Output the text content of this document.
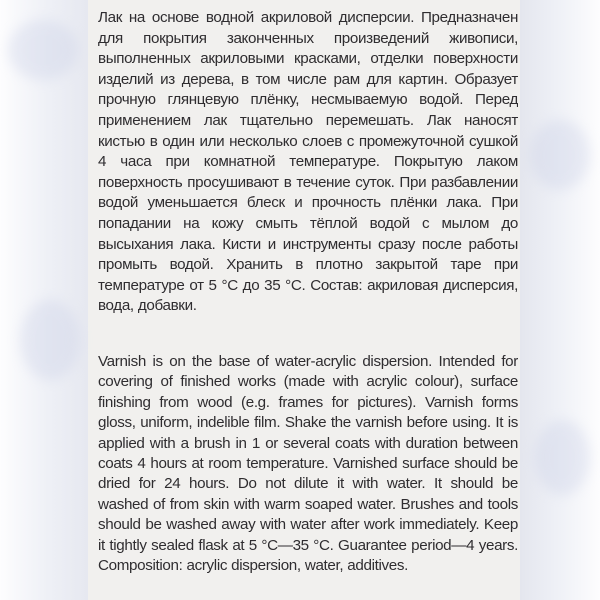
Лак на основе водной акриловой дисперсии. Предназначен
для покрытия законченных произведений живописи,
выполненных акриловыми красками, отделки поверхности
изделий из дерева, в том числе рам для картин. Образует
прочную глянцевую плёнку, несмываемую водой. Перед
применением лак тщательно перемешать. Лак наносят
кистью в один или несколько слоев с промежуточной сушкой
4 часа при комнатной температуре. Покрытую лаком
поверхность просушивают в течение суток. При разбавлении
водой уменьшается блеск и прочность плёнки лака. При
попадании на кожу смыть тёплой водой с мылом до
высыхания лака. Кисти и инструменты сразу после работы
промыть водой. Хранить в плотно закрытой таре при
температуре от 5 °С до 35 °С. Состав: акриловая дисперсия,
вода, добавки.
Varnish is on the base of water-acrylic dispersion. Intended for
covering of finished works (made with acrylic colour), surface
finishing from wood (e.g. frames for pictures). Varnish forms
gloss, uniform, indelible film. Shake the varnish before using. It is
applied with a brush in 1 or several coats with duration between
coats 4 hours at room temperature. Varnished surface should be
dried for 24 hours. Do not dilute it with water. It should be
washed of from skin with warm soaped water. Brushes and tools
should be washed away with water after work immediately. Keep
it tightly sealed flask at 5 °C—35 °C. Guarantee period—4 years.
Composition: acrylic dispersion, water, additives.
